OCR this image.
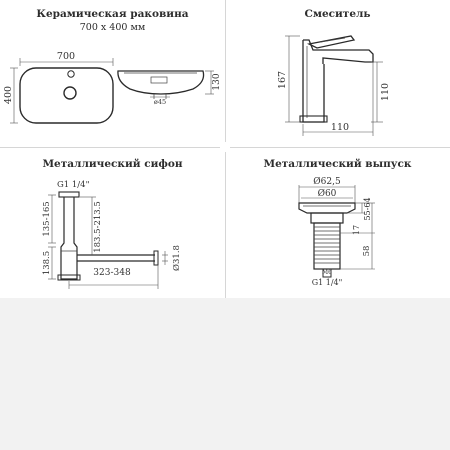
Керамическая раковина
700 х 400 мм
700
400	ø45
130
Смеситель
167
110
110
Металлический сифон
G1 1/4"
135-165
138.5
183.5-213.5
Ø31.8
323-348
Металлический выпуск
Ø62,5
Ø60
M6
G1 1/4"
17
55-64
58
